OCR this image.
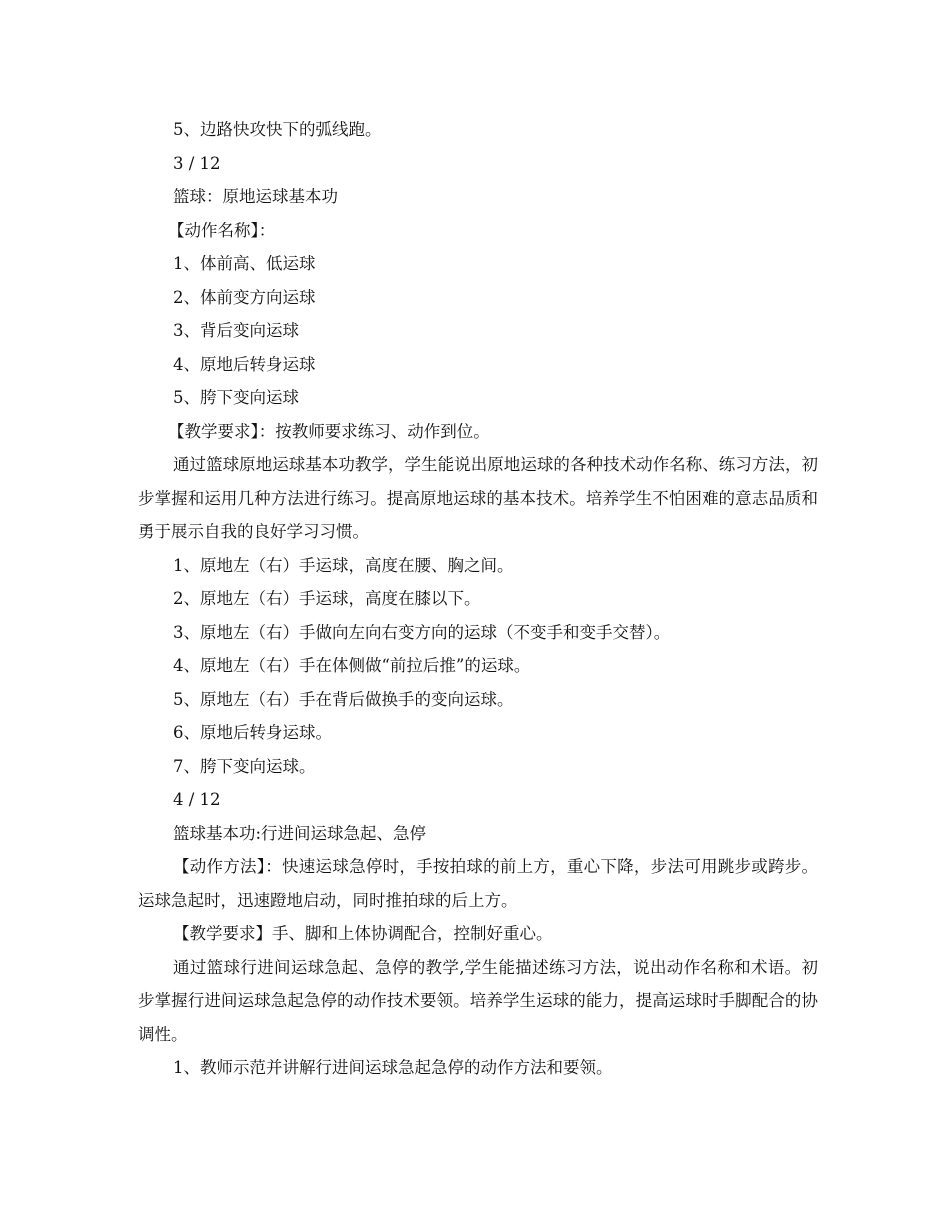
5、边路快攻快下的弧线跑。

3 / 12

篮球：原地运球基本功

【动作名称】：

1、体前高、低运球

2、体前变方向运球

3、背后变向运球

4、原地后转身运球

5、胯下变向运球

【教学要求】：按教师要求练习、动作到位。

通过篮球原地运球基本功教学，学生能说出原地运球的各种技术动作名称、练习方法，初步掌握和运用几种方法进行练习。提高原地运球的基本技术。培养学生不怕困难的意志品质和勇于展示自我的良好学习习惯。

1、原地左（右）手运球，高度在腰、胸之间。

2、原地左（右）手运球，高度在膝以下。

3、原地左（右）手做向左向右变方向的运球（不变手和变手交替）。

4、原地左（右）手在体侧做“前拉后推”的运球。

5、原地左（右）手在背后做换手的变向运球。

6、原地后转身运球。

7、胯下变向运球。

4 / 12

篮球基本功:行进间运球急起、急停

【动作方法】：快速运球急停时，手按拍球的前上方，重心下降，步法可用跳步或跨步。运球急起时，迅速蹬地启动，同时推拍球的后上方。

【教学要求】手、脚和上体协调配合，控制好重心。

通过篮球行进间运球急起、急停的教学,学生能描述练习方法，说出动作名称和术语。初步掌握行进间运球急起急停的动作技术要领。培养学生运球的能力，提高运球时手脚配合的协调性。

1、教师示范并讲解行进间运球急起急停的动作方法和要领。
